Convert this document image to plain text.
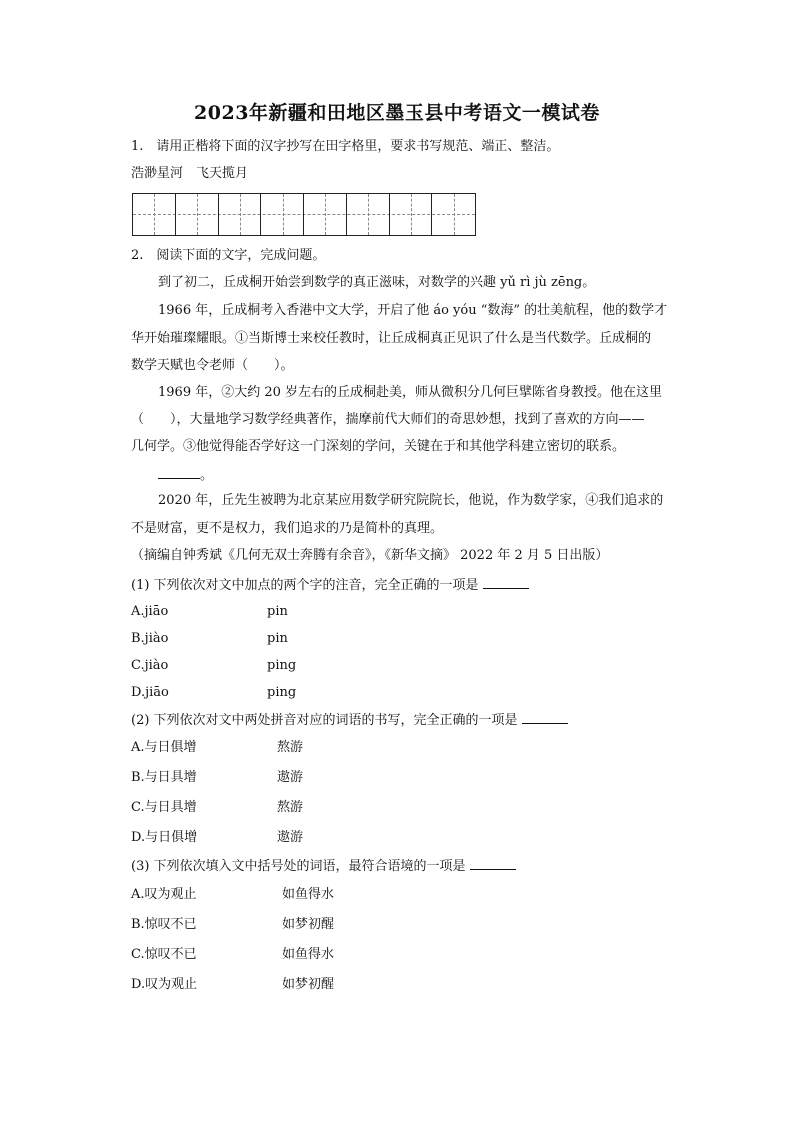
2023年新疆和田地区墨玉县中考语文一模试卷
1.　请用正楷将下面的汉字抄写在田字格里，要求书写规范、端正、整洁。
浩渺星河　飞天揽月
2.　阅读下面的文字，完成问题。
到了初二，丘成桐开始尝到数学的真正滋味，对数学的兴趣 yǔ rì jù zēng。
1966 年，丘成桐考入香港中文大学，开启了他 áo yóu “数海” 的壮美航程，他的数学才
华开始璀璨耀眼。①当斯博士来校任教时，让丘成桐真正见识了什么是当代数学。丘成桐的
数学天赋也令老师（　　）。
1969 年，②大约 20 岁左右的丘成桐赴美，师从微积分几何巨擘陈省身教授。他在这里
（　　），大量地学习数学经典著作，揣摩前代大师们的奇思妙想，找到了喜欢的方向——
几何学。③他觉得能否学好这一门深刻的学问，关键在于和其他学科建立密切的联系。
。
2020 年，丘先生被聘为北京某应用数学研究院院长，他说，作为数学家，④我们追求的
不是财富，更不是权力，我们追求的乃是简朴的真理。
（摘编自钟秀斌《几何无双士奔腾有余音》，《新华文摘》 2022 年 2 月 5 日出版）
(1) 下列依次对文中加点的两个字的注音，完全正确的一项是
A.jiāo	pin
B.jiào	pin
C.jiào	ping
D.jiāo	ping
(2) 下列依次对文中两处拼音对应的词语的书写，完全正确的一项是
A.与日俱增	熬游
B.与日具增	遨游
C.与日具增	熬游
D.与日俱增	遨游
(3) 下列依次填入文中括号处的词语，最符合语境的一项是
A.叹为观止	如鱼得水
B.惊叹不已	如梦初醒
C.惊叹不已	如鱼得水
D.叹为观止	如梦初醒
